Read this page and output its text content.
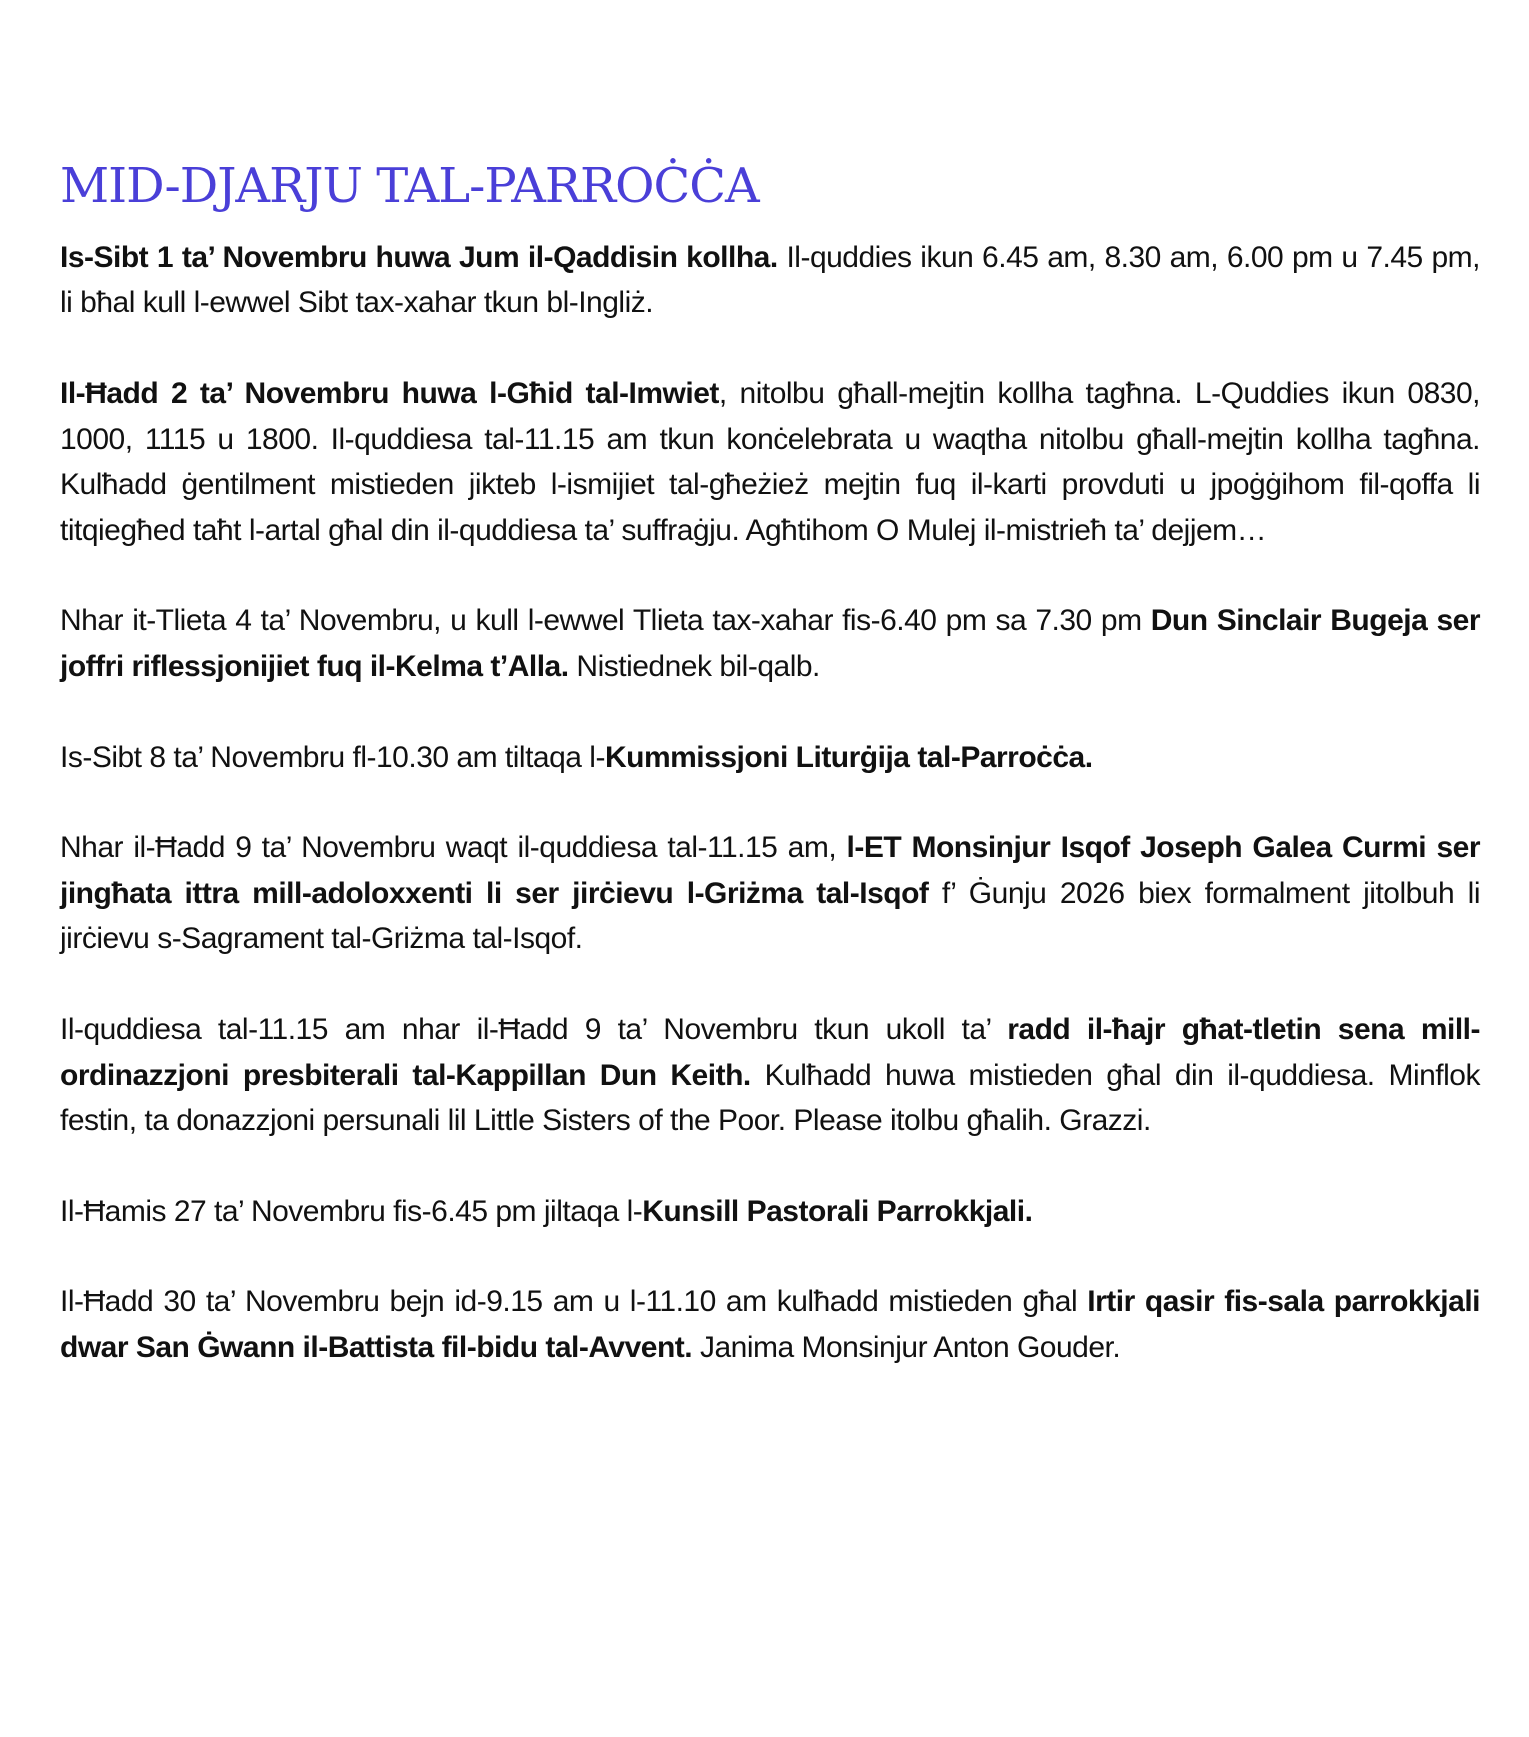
MID-DJARJU TAL-PARROĊĊA

Is-Sibt 1 ta’ Novembru huwa Jum il-Qaddisin kollha. Il-quddies ikun 6.45 am, 8.30 am, 6.00 pm u 7.45 pm, li bħal kull l-ewwel Sibt tax-xahar tkun bl-Ingliż.

Il-Ħadd 2 ta’ Novembru huwa l-Għid tal-Imwiet, nitolbu għall-mejtin kollha tagħna. L-Quddies ikun 0830, 1000, 1115 u 1800. Il-quddiesa tal-11.15 am tkun konċelebrata u waqtha nitolbu għall-mejtin kollha tagħna. Kulħadd ġentilment mistieden jikteb l-ismijiet tal-għeżież mejtin fuq il-karti provduti u jpoġġihom fil-qoffa li titqiegħed taħt l-artal għal din il-quddiesa ta’ suffraġju. Agħtihom O Mulej il-mistrieħ ta’ dejjem…

Nhar it-Tlieta 4 ta’ Novembru, u kull l-ewwel Tlieta tax-xahar fis-6.40 pm sa 7.30 pm Dun Sinclair Bugeja ser joffri riflessjonijiet fuq il-Kelma t’Alla. Nistiednek bil-qalb.

Is-Sibt 8 ta’ Novembru fl-10.30 am tiltaqa l-Kummissjoni Liturġija tal-Parroċċa.

Nhar il-Ħadd 9 ta’ Novembru waqt il-quddiesa tal-11.15 am, l-ET Monsinjur Isqof Joseph Galea Curmi ser jingħata ittra mill-adoloxxenti li ser jirċievu l-Griżma tal-Isqof f’ Ġunju 2026 biex formalment jitolbuh li jirċievu s-Sagrament tal-Griżma tal-Isqof.

Il-quddiesa tal-11.15 am nhar il-Ħadd 9 ta’ Novembru tkun ukoll ta’ radd il-ħajr għat-tletin sena mill-ordinazzjoni presbiterali tal-Kappillan Dun Keith. Kulħadd huwa mistieden għal din il-quddiesa. Minflok festin, ta donazzjoni persunali lil Little Sisters of the Poor. Please itolbu għalih. Grazzi.

Il-Ħamis 27 ta’ Novembru fis-6.45 pm jiltaqa l-Kunsill Pastorali Parrokkjali.

Il-Ħadd 30 ta’ Novembru bejn id-9.15 am u l-11.10 am kulħadd mistieden għal Irtir qasir fis-sala parrokkjali dwar San Ġwann il-Battista fil-bidu tal-Avvent. Janima Monsinjur Anton Gouder.
